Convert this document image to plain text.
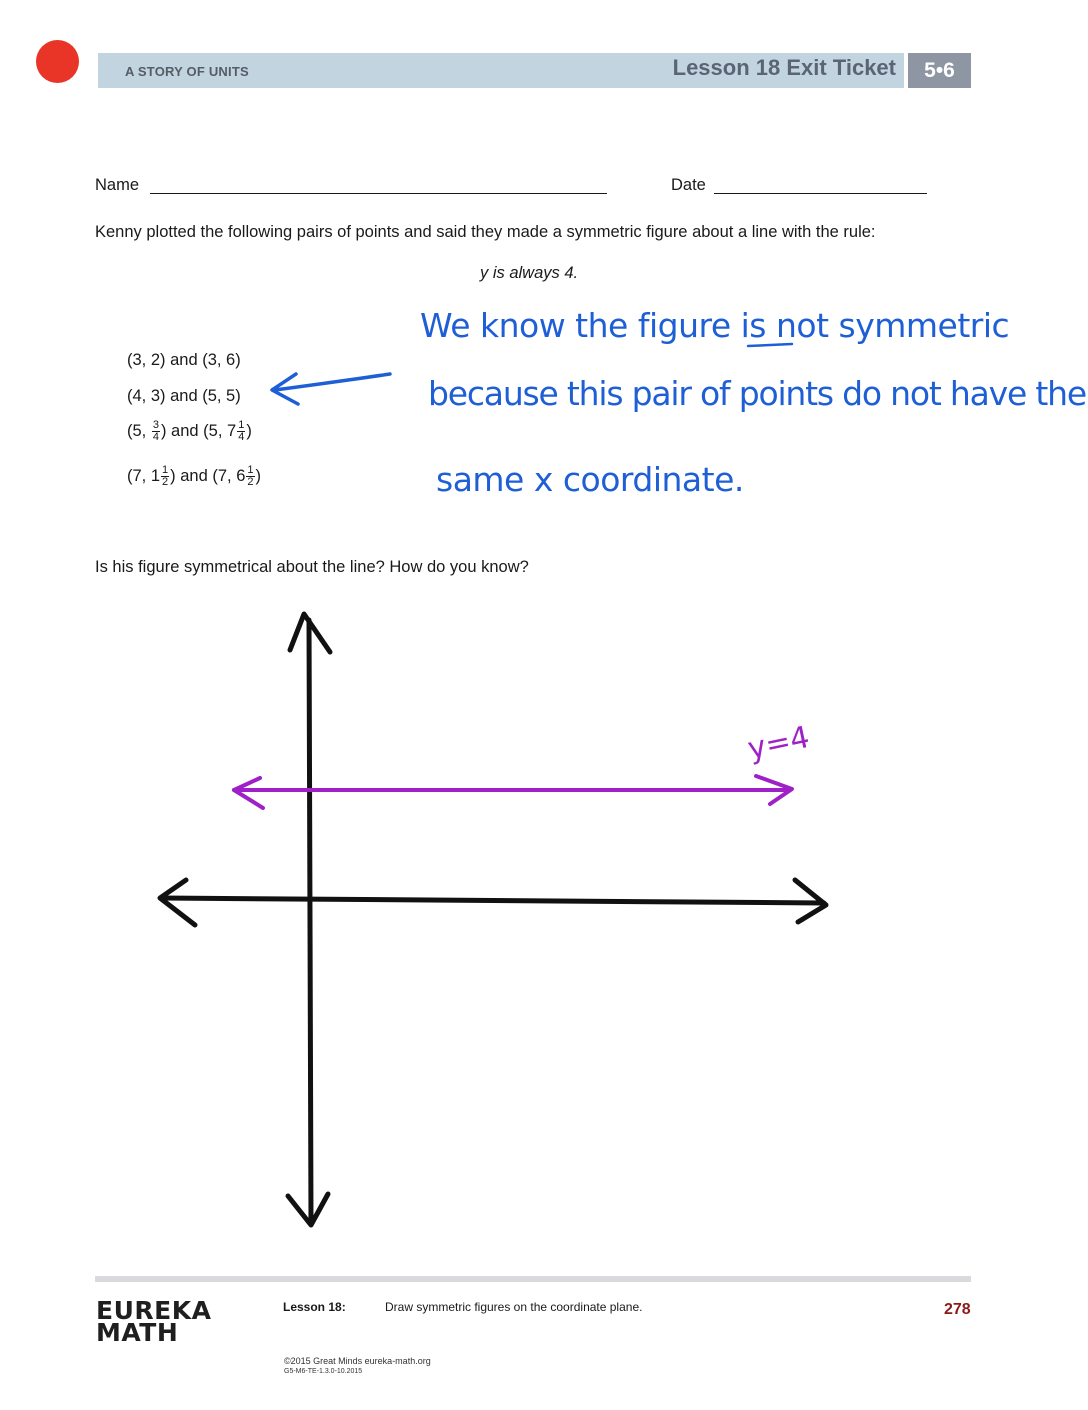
A STORY OF UNITS	Lesson 18 Exit Ticket	5•6
Name	Date
Kenny plotted the following pairs of points and said they made a symmetric figure about a line with the rule:
y is always 4.
(3, 2) and (3, 6)
(4, 3) and (5, 5)
(5, $\frac{3}{4}$ ) and (5, $7 \frac{1}{4}$ )
(7, $1 \frac{1}{2}$ ) and (7, $6 \frac{1}{2}$ )
We know the figure is not symmetric
because this pair of points do not have the
same x coordinate.
Is his figure symmetrical about the line? How do you know?
y=4
EUREKA
MATH
Lesson 18:	Draw symmetric figures on the coordinate plane.	278
©2015 Great Minds eureka-math.org
G5-M6-TE-1.3.0-10.2015
